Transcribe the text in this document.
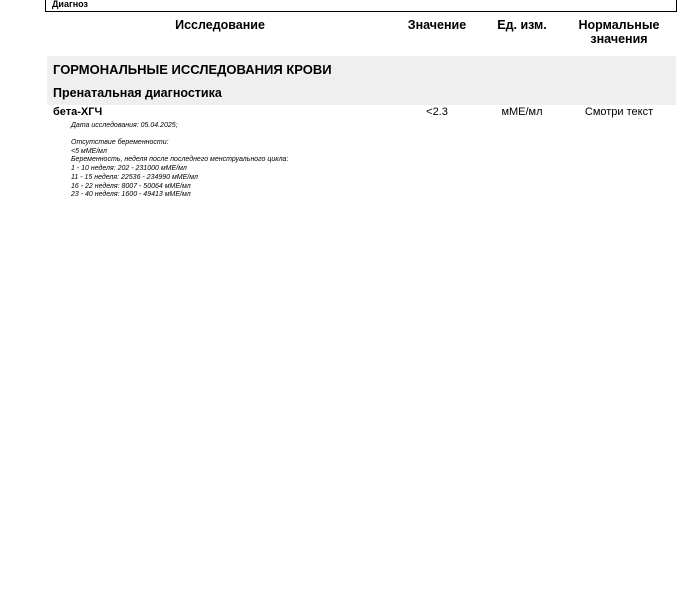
Диагноз
Исследование	Значение	Ед. изм.	Нормальные
значения
ГОРМОНАЛЬНЫЕ ИССЛЕДОВАНИЯ КРОВИ
Пренатальная диагностика
бета-ХГЧ	<2.3	мМЕ/мл	Смотри текст
Дата исследования: 05.04.2025;
Отсутствие беременности:
<5 мМЕ/мл
Беременность, неделя после последнего менструального цикла:
1 - 10 неделя: 202 - 231000 мМЕ/мл
11 - 15 неделя: 22536 - 234990 мМЕ/мл
16 - 22 неделя: 8007 - 50064 мМЕ/мл
23 - 40 неделя: 1600 - 49413 мМЕ/мл
